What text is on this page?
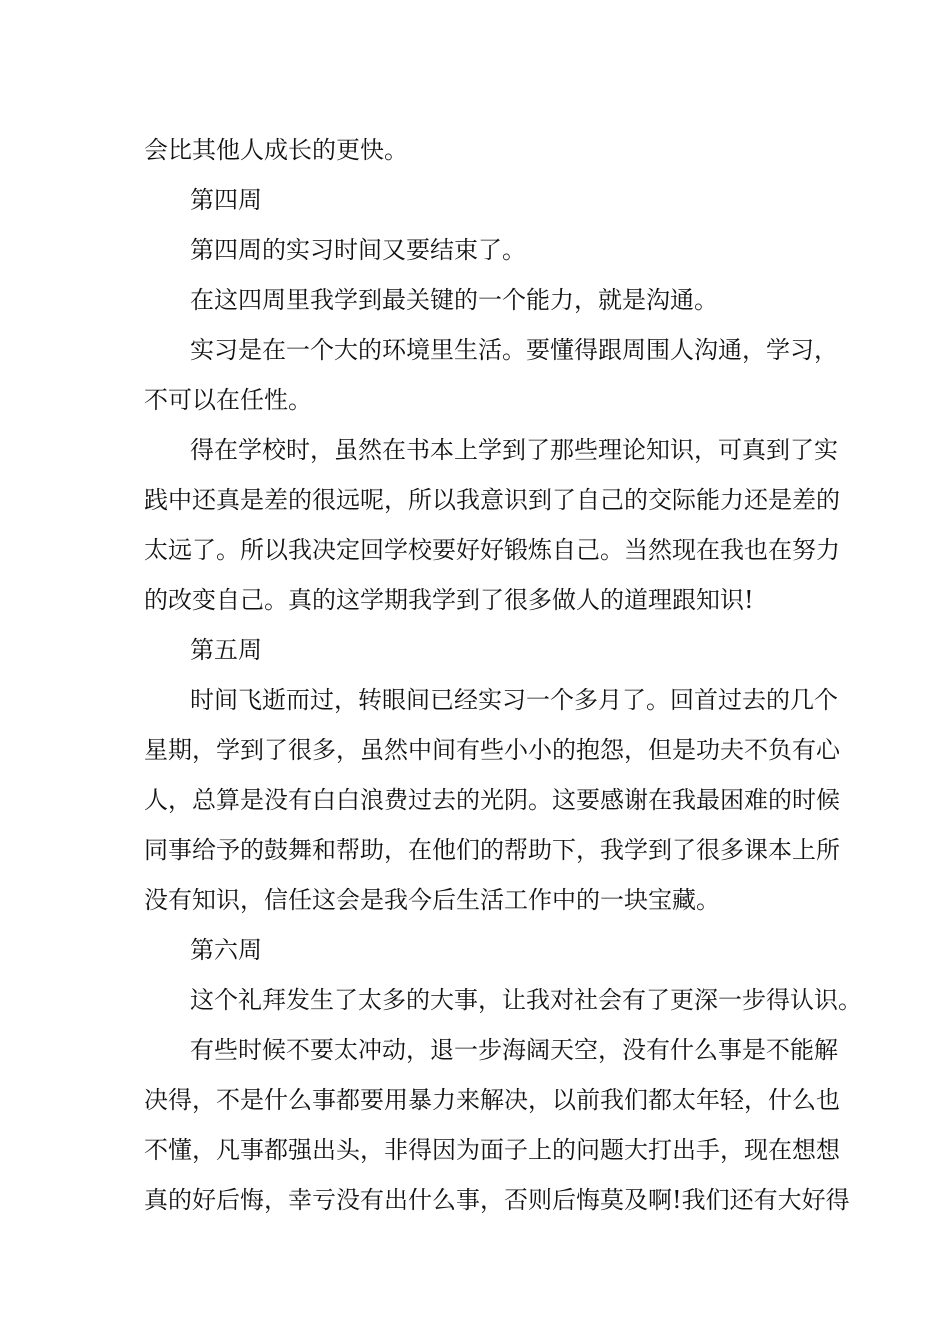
会比其他人成长的更快。
第四周
第四周的实习时间又要结束了。
在这四周里我学到最关键的一个能力，就是沟通。
实习是在一个大的环境里生活。要懂得跟周围人沟通，学习，
不可以在任性。
得在学校时，虽然在书本上学到了那些理论知识，可真到了实
践中还真是差的很远呢，所以我意识到了自己的交际能力还是差的
太远了。所以我决定回学校要好好锻炼自己。当然现在我也在努力
的改变自己。真的这学期我学到了很多做人的道理跟知识!
第五周
时间飞逝而过，转眼间已经实习一个多月了。回首过去的几个
星期，学到了很多，虽然中间有些小小的抱怨，但是功夫不负有心
人，总算是没有白白浪费过去的光阴。这要感谢在我最困难的时候
同事给予的鼓舞和帮助，在他们的帮助下，我学到了很多课本上所
没有知识，信任这会是我今后生活工作中的一块宝藏。
第六周
这个礼拜发生了太多的大事，让我对社会有了更深一步得认识。
有些时候不要太冲动，退一步海阔天空，没有什么事是不能解
决得，不是什么事都要用暴力来解决，以前我们都太年轻，什么也
不懂，凡事都强出头，非得因为面子上的问题大打出手，现在想想
真的好后悔，幸亏没有出什么事，否则后悔莫及啊!我们还有大好得
